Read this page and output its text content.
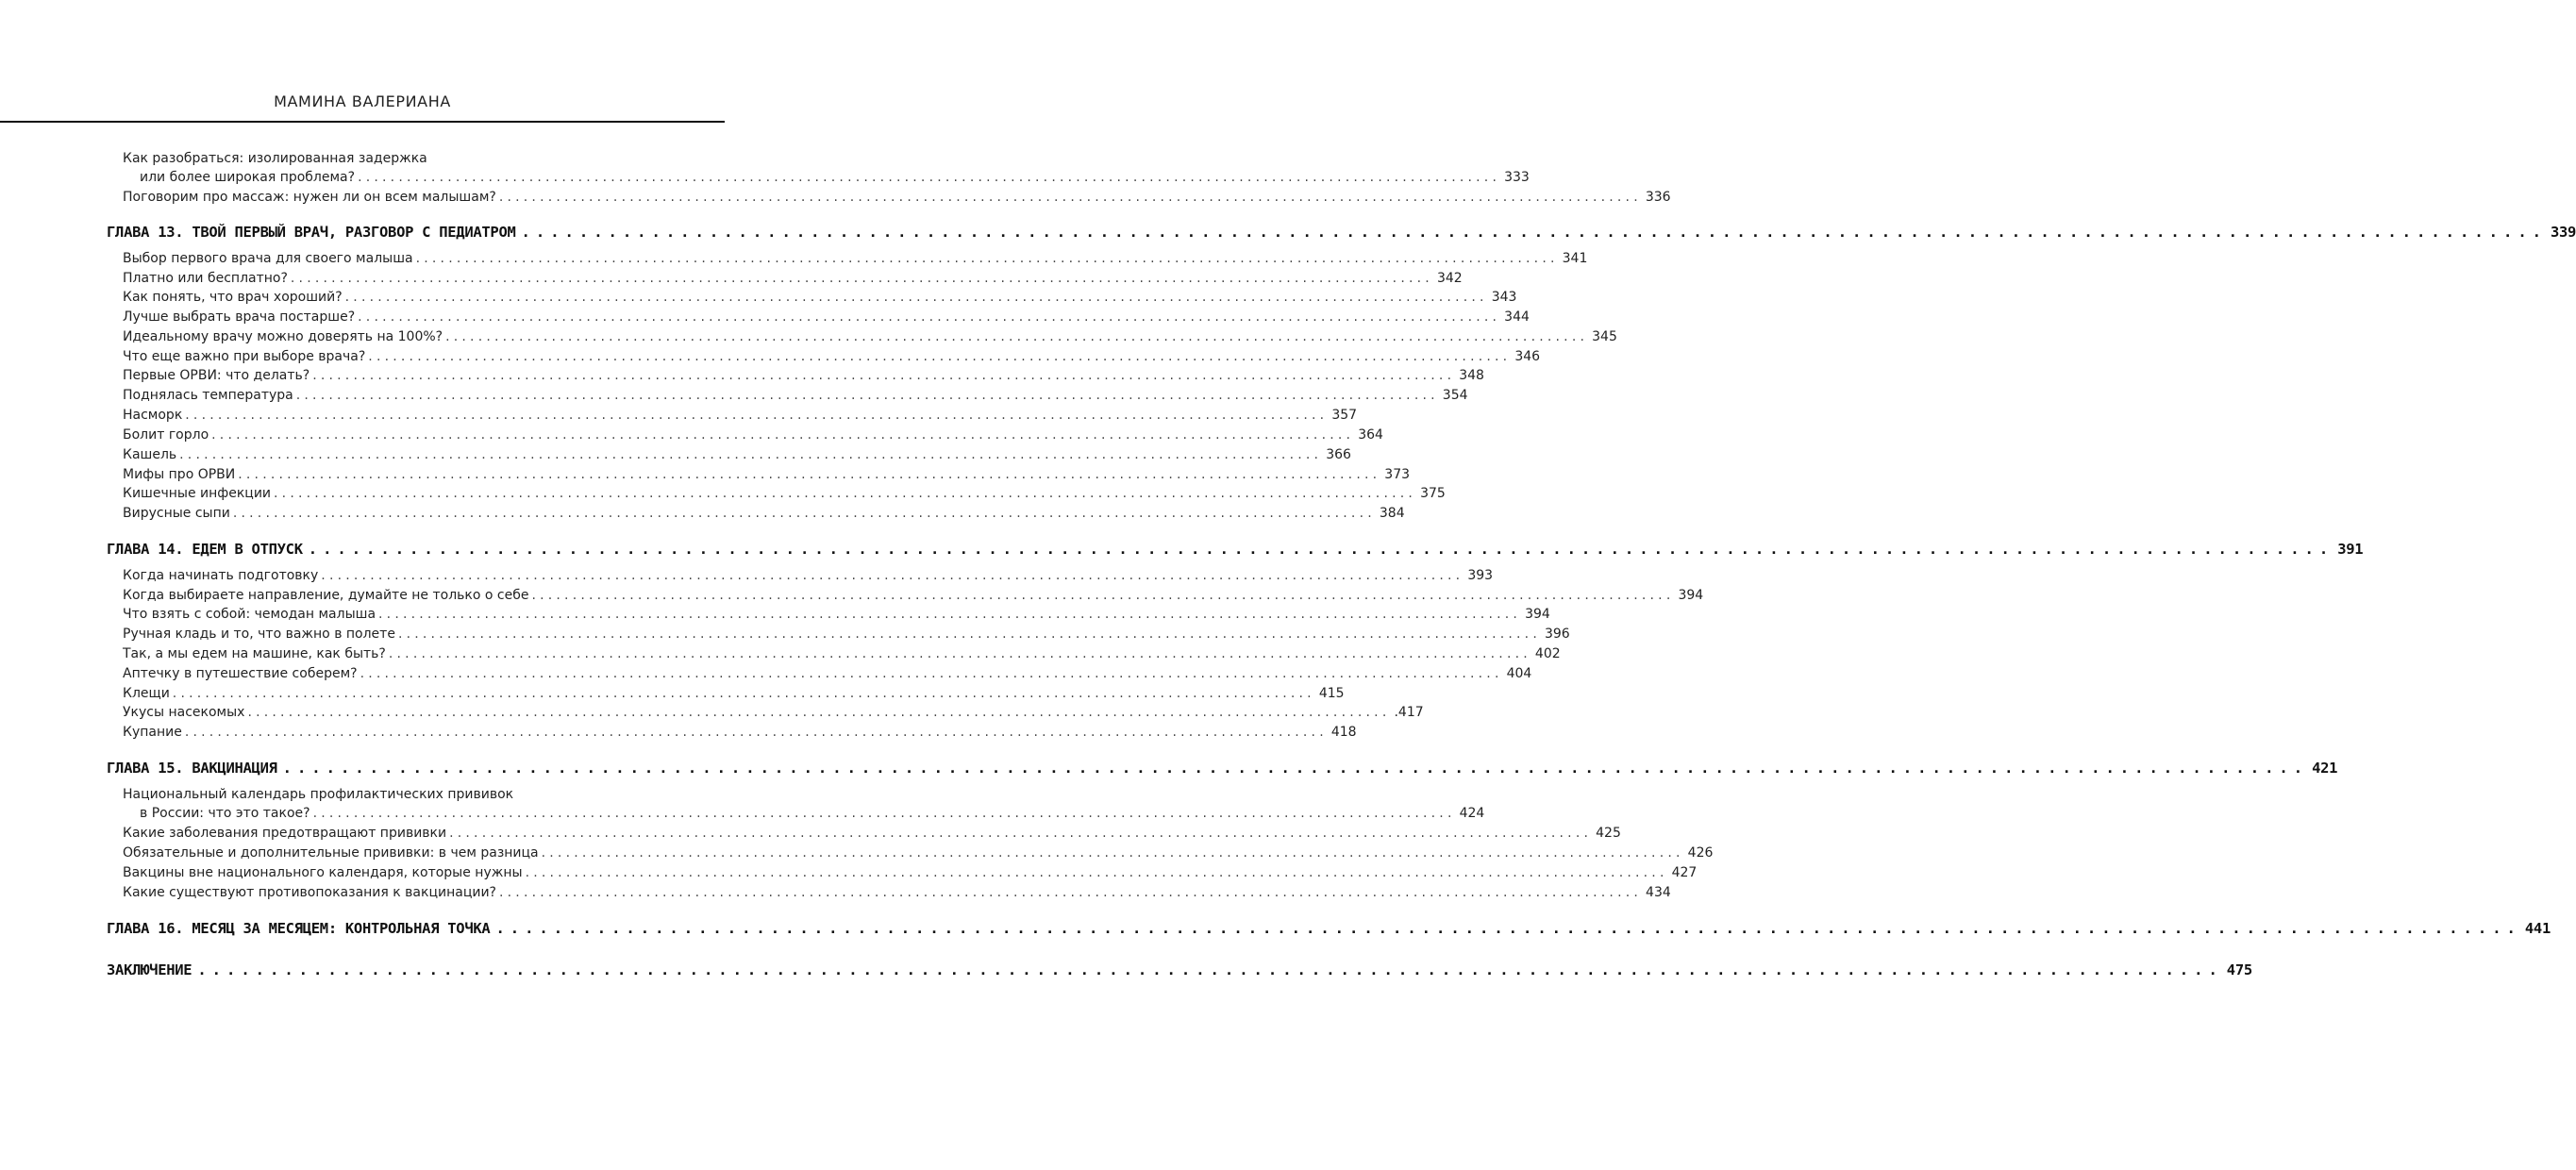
МАМИНА ВАЛЕРИАНА
Как разобраться: изолированная задержка
или более широкая проблема? ............................................................................................................................................ 333
Поговорим про массаж: нужен ли он всем малышам? ............................................................................................................................................ 336
ГЛАВА 13. ТВОЙ ПЕРВЫЙ ВРАЧ, РАЗГОВОР С ПЕДИАТРОМ ............................................................................................................................................ 339
Выбор первого врача для своего малыша ............................................................................................................................................ 341
Платно или бесплатно? ............................................................................................................................................ 342
Как понять, что врач хороший? ............................................................................................................................................ 343
Лучше выбрать врача постарше? ............................................................................................................................................ 344
Идеальному врачу можно доверять на 100%? ............................................................................................................................................ 345
Что еще важно при выборе врача? ............................................................................................................................................ 346
Первые ОРВИ: что делать? ............................................................................................................................................ 348
Поднялась температура ............................................................................................................................................ 354
Насморк ............................................................................................................................................ 357
Болит горло ............................................................................................................................................ 364
Кашель ............................................................................................................................................ 366
Мифы про ОРВИ ............................................................................................................................................ 373
Кишечные инфекции ............................................................................................................................................ 375
Вирусные сыпи ............................................................................................................................................ 384
ГЛАВА 14. ЕДЕМ В ОТПУСК ............................................................................................................................................ 391
Когда начинать подготовку ............................................................................................................................................ 393
Когда выбираете направление, думайте не только о себе ............................................................................................................................................ 394
Что взять с собой: чемодан малыша ............................................................................................................................................ 394
Ручная кладь и то, что важно в полете ............................................................................................................................................ 396
Так, а мы едем на машине, как быть? ............................................................................................................................................ 402
Аптечку в путешествие соберем? ............................................................................................................................................ 404
Клещи ............................................................................................................................................ 415
Укусы насекомых ............................................................................................................................................ .417
Купание ............................................................................................................................................ 418
ГЛАВА 15. ВАКЦИНАЦИЯ ............................................................................................................................................ 421
Национальный календарь профилактических прививок
в России: что это такое? ............................................................................................................................................ 424
Какие заболевания предотвращают прививки ............................................................................................................................................ 425
Обязательные и дополнительные прививки: в чем разница ............................................................................................................................................ 426
Вакцины вне национального календаря, которые нужны ............................................................................................................................................ 427
Какие существуют противопоказания к вакцинации? ............................................................................................................................................ 434
ГЛАВА 16. МЕСЯЦ ЗА МЕСЯЦЕМ: КОНТРОЛЬНАЯ ТОЧКА ............................................................................................................................................ 441
ЗАКЛЮЧЕНИЕ ............................................................................................................................................ 475
